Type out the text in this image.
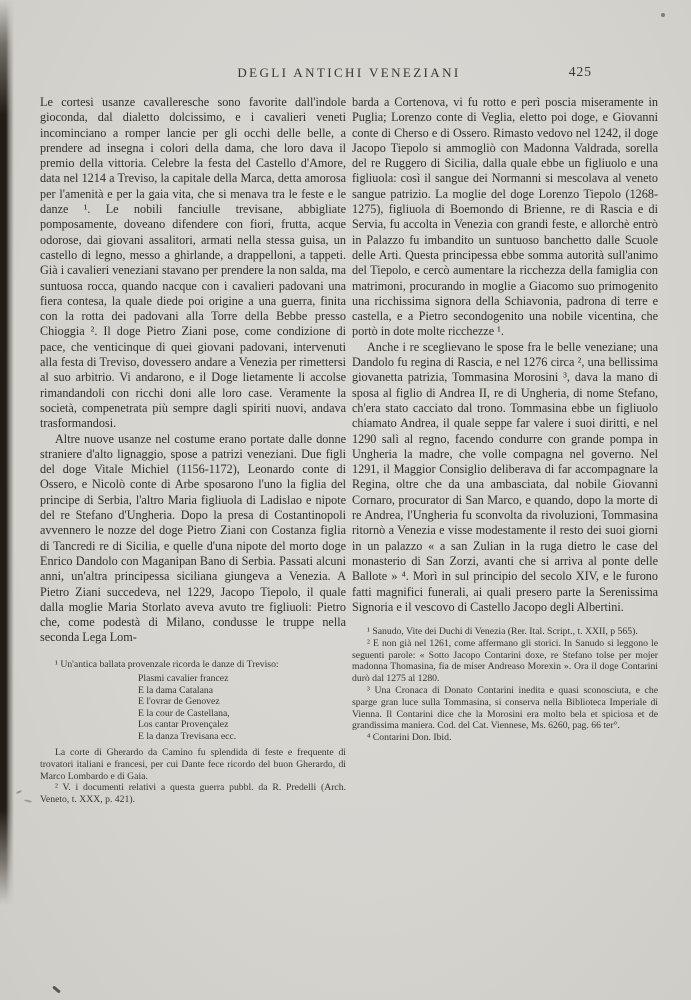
DEGLI ANTICHI VENEZIANI	425

Le cortesi usanze cavalleresche sono favorite dall'indole gioconda, dal dialetto dolcissimo, e i cavalieri veneti incominciano a romper lancie per gli occhi delle belle, a prendere ad insegna i colori della dama, che loro dava il premio della vittoria. Celebre la festa del Castello d'Amore, data nel 1214 a Treviso, la capitale della Marca, detta amorosa per l'amenità e per la gaia vita, che si menava tra le feste e le danze ¹. Le nobili fanciulle trevisane, abbigliate pomposamente, doveano difendere con fiori, frutta, acque odorose, dai giovani assalitori, armati nella stessa guisa, un castello di legno, messo a ghirlande, a drappelloni, a tappeti. Già i cavalieri veneziani stavano per prendere la non salda, ma suntuosa rocca, quando nacque con i cavalieri padovani una fiera contesa, la quale diede poi origine a una guerra, finita con la rotta dei padovani alla Torre della Bebbe presso Chioggia ². Il doge Pietro Ziani pose, come condizione di pace, che venticinque di quei giovani padovani, intervenuti alla festa di Treviso, dovessero andare a Venezia per rimettersi al suo arbitrio. Vi andarono, e il Doge lietamente li accolse rimandandoli con ricchi doni alle loro case. Veramente la società, compenetrata più sempre dagli spiriti nuovi, andava trasformandosi.

Altre nuove usanze nel costume erano portate dalle donne straniere d'alto lignaggio, spose a patrizi veneziani. Due figli del doge Vitale Michiel (1156-1172), Leonardo conte di Ossero, e Nicolò conte di Arbe sposarono l'uno la figlia del principe di Serbia, l'altro Maria figliuola di Ladislao e nipote del re Stefano d'Ungheria. Dopo la presa di Costantinopoli avvennero le nozze del doge Pietro Ziani con Costanza figlia di Tancredi re di Sicilia, e quelle d'una nipote del morto doge Enrico Dandolo con Maganipan Bano di Serbia. Passati alcuni anni, un'altra principessa siciliana giungeva a Venezia. A Pietro Ziani succedeva, nel 1229, Jacopo Tiepolo, il quale dalla moglie Maria Storlato aveva avuto tre figliuoli: Pietro che, come podestà di Milano, condusse le truppe nella seconda Lega Lom-

¹ Un'antica ballata provenzale ricorda le danze di Treviso:

Plasmi cavalier francez
E la dama Catalana
E l'ovrar de Genovez
E la cour de Castellana,
Los cantar Provençalez
E la danza Trevisana ecc.

La corte di Gherardo da Camino fu splendida di feste e frequente di trovatori italiani e francesi, per cui Dante fece ricordo del buon Gherardo, di Marco Lombardo e di Gaia.

² V. i documenti relativi a questa guerra pubbl. da R. Predelli (Arch. Veneto, t. XXX, p. 421).

barda a Cortenova, vi fu rotto e perì poscia miseramente in Puglia; Lorenzo conte di Veglia, eletto poi doge, e Giovanni conte di Cherso e di Ossero. Rimasto vedovo nel 1242, il doge Jacopo Tiepolo si ammogliò con Madonna Valdrada, sorella del re Ruggero di Sicilia, dalla quale ebbe un figliuolo e una figliuola: così il sangue dei Normanni si mescolava al veneto sangue patrizio. La moglie del doge Lorenzo Tiepolo (1268-1275), figliuola di Boemondo di Brienne, re di Rascia e di Servia, fu accolta in Venezia con grandi feste, e allorchè entrò in Palazzo fu imbandito un suntuoso banchetto dalle Scuole delle Arti. Questa principessa ebbe somma autorità sull'animo del Tiepolo, e cercò aumentare la ricchezza della famiglia con matrimoni, procurando in moglie a Giacomo suo primogenito una ricchissima signora della Schiavonia, padrona di terre e castella, e a Pietro secondogenito una nobile vicentina, che portò in dote molte ricchezze ¹.

Anche i re sceglievano le spose fra le belle veneziane; una Dandolo fu regina di Rascia, e nel 1276 circa ², una bellissima giovanetta patrizia, Tommasina Morosini ³, dava la mano di sposa al figlio di Andrea II, re di Ungheria, di nome Stefano, ch'era stato cacciato dal trono. Tommasina ebbe un figliuolo chiamato Andrea, il quale seppe far valere i suoi diritti, e nel 1290 salì al regno, facendo condurre con grande pompa in Ungheria la madre, che volle compagna nel governo. Nel 1291, il Maggior Consiglio deliberava di far accompagnare la Regina, oltre che da una ambasciata, dal nobile Giovanni Cornaro, procurator di San Marco, e quando, dopo la morte di re Andrea, l'Ungheria fu sconvolta da rivoluzioni, Tommasina ritornò a Venezia e visse modestamente il resto dei suoi giorni in un palazzo « a san Zulian in la ruga dietro le case del monasterio di San Zorzi, avanti che si arriva al ponte delle Ballote » ⁴. Morì in sul principio del secolo XIV, e le furono fatti magnifici funerali, ai quali presero parte la Serenissima Signoria e il vescovo di Castello Jacopo degli Albertini.

¹ Sanudo, Vite dei Duchi di Venezia (Rer. Ital. Script., t. XXII, p 565).

² E non già nel 1261, come affermano gli storici. In Sanudo si leggono le seguenti parole: « Sotto Jacopo Contarini doxe, re Stefano tolse per mojer madonna Thomasina, fia de miser Andreaso Morexin ». Ora il doge Contarini durò dal 1275 al 1280.

³ Una Cronaca di Donato Contarini inedita e quasi sconosciuta, e che sparge gran luce sulla Tommasina, si conserva nella Biblioteca Imperiale di Vienna. Il Contarini dice che la Morosini era molto bela et spiciosa et de grandissima maniera. Cod. del Cat. Viennese, Ms. 6260, pag. 66 ter°.

⁴ Contarini Don. Ibid.
